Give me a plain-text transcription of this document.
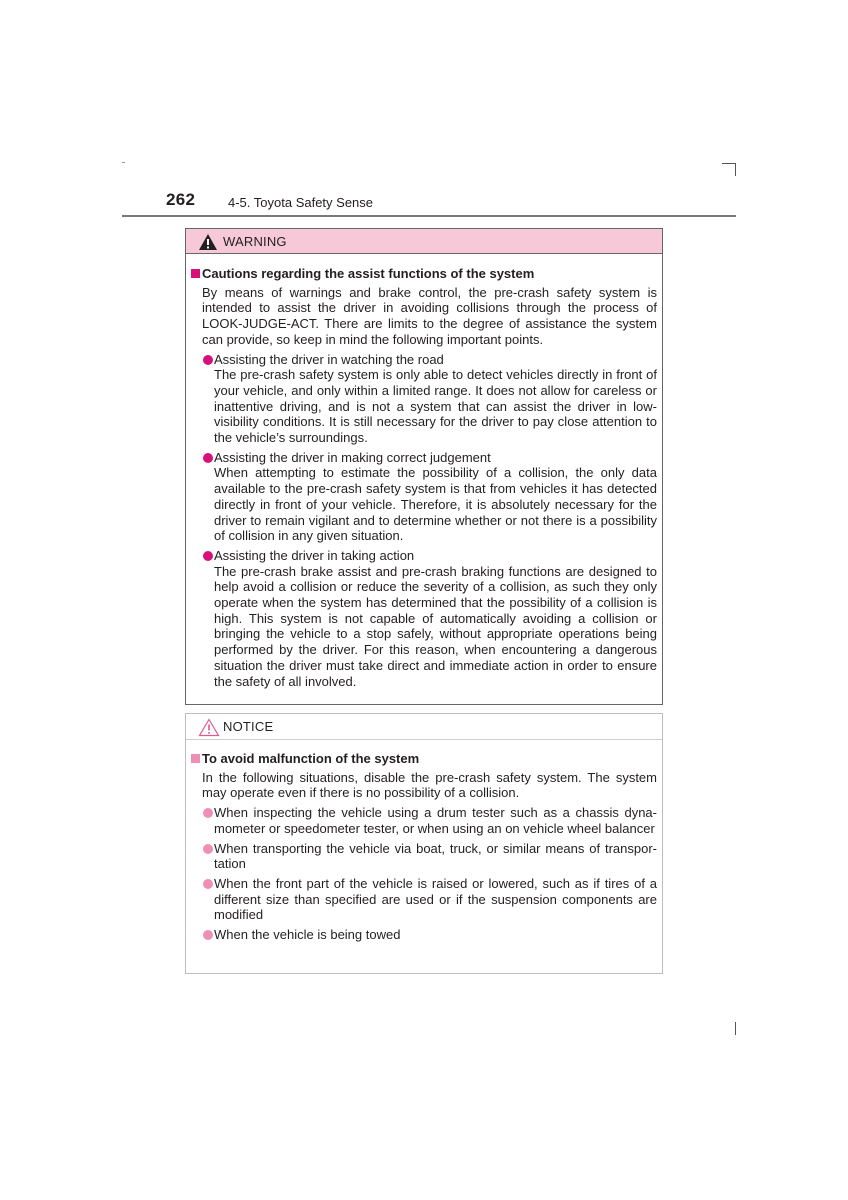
262	4-5. Toyota Safety Sense
WARNING
Cautions regarding the assist functions of the system
By means of warnings and brake control, the pre-crash safety system is intended to assist the driver in avoiding collisions through the process of LOOK-JUDGE-ACT. There are limits to the degree of assistance the system can provide, so keep in mind the following important points.
Assisting the driver in watching the road
The pre-crash safety system is only able to detect vehicles directly in front of your vehicle, and only within a limited range. It does not allow for careless or inattentive driving, and is not a system that can assist the driver in low-visibility conditions. It is still necessary for the driver to pay close attention to the vehicle’s surroundings.
Assisting the driver in making correct judgement
When attempting to estimate the possibility of a collision, the only data available to the pre-crash safety system is that from vehicles it has detected directly in front of your vehicle. Therefore, it is absolutely necessary for the driver to remain vigilant and to determine whether or not there is a possibility of collision in any given situation.
Assisting the driver in taking action
The pre-crash brake assist and pre-crash braking functions are designed to help avoid a collision or reduce the severity of a collision, as such they only operate when the system has determined that the possibility of a collision is high. This system is not capable of automatically avoiding a collision or bringing the vehicle to a stop safely, without appropriate operations being performed by the driver. For this reason, when encountering a dangerous situation the driver must take direct and immediate action in order to ensure the safety of all involved.
NOTICE
To avoid malfunction of the system
In the following situations, disable the pre-crash safety system. The system may operate even if there is no possibility of a collision.
When inspecting the vehicle using a drum tester such as a chassis dynamometer or speedometer tester, or when using an on vehicle wheel balancer
When transporting the vehicle via boat, truck, or similar means of transportation
When the front part of the vehicle is raised or lowered, such as if tires of a different size than specified are used or if the suspension components are modified
When the vehicle is being towed
